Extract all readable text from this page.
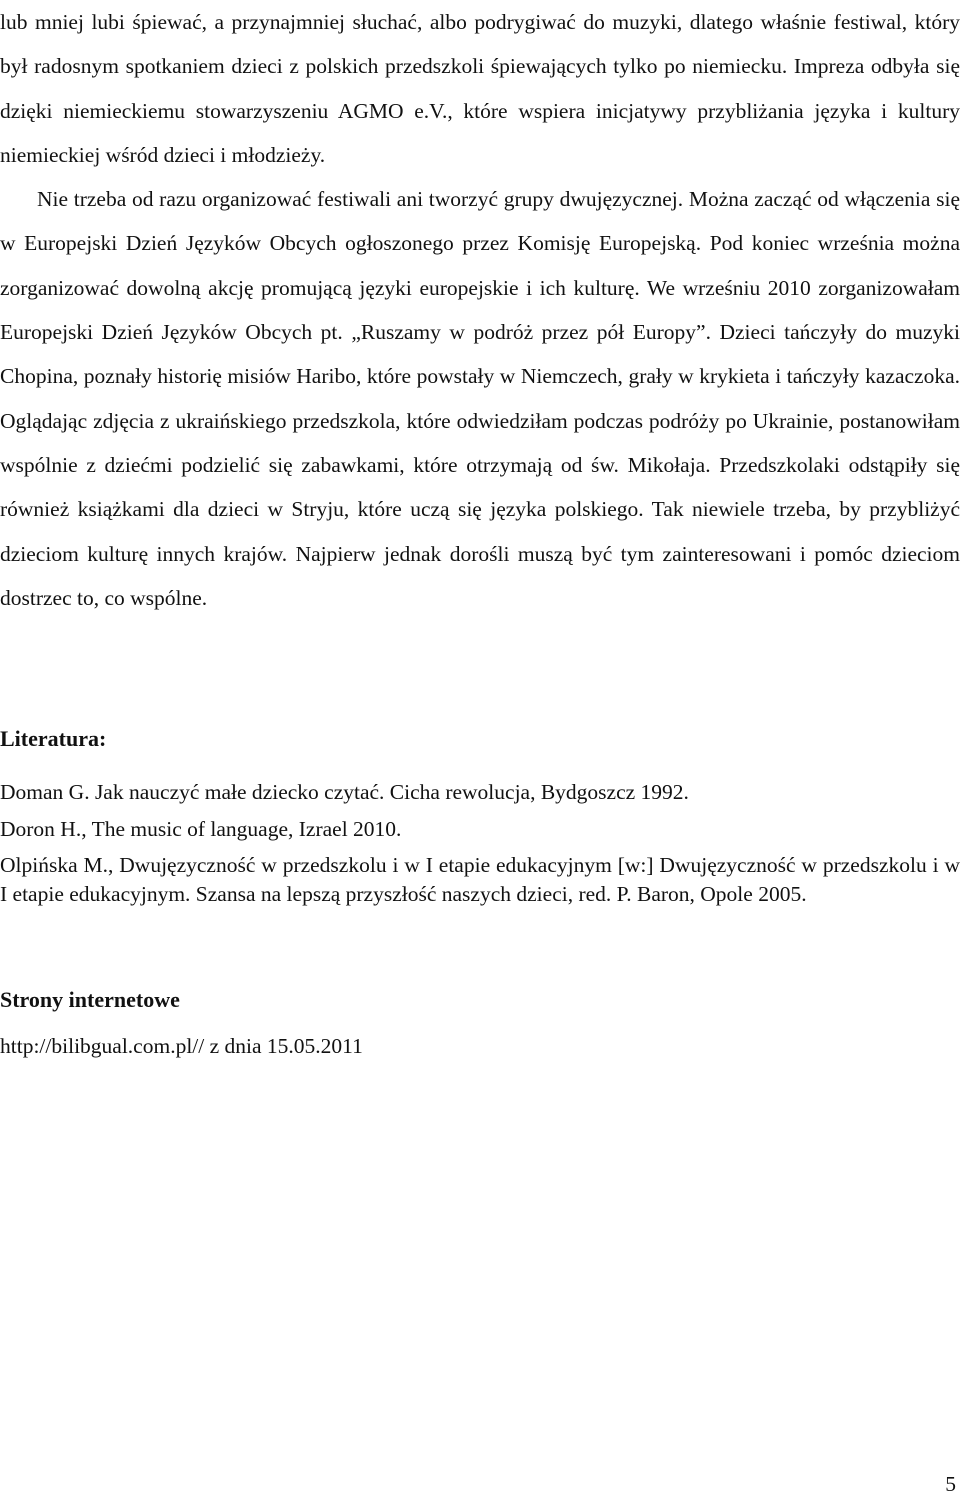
lub mniej lubi śpiewać, a przynajmniej słuchać, albo podrygiwać do muzyki, dlatego właśnie festiwal, który był radosnym spotkaniem dzieci z polskich przedszkoli śpiewających tylko po niemiecku. Impreza odbyła się dzięki niemieckiemu stowarzyszeniu AGMO e.V., które wspiera inicjatywy przybliżania języka i kultury niemieckiej wśród dzieci i młodzieży.
Nie trzeba od razu organizować festiwali ani tworzyć grupy dwujęzycznej. Można zacząć od włączenia się w Europejski Dzień Języków Obcych ogłoszonego przez Komisję Europejską. Pod koniec września można zorganizować dowolną akcję promującą języki europejskie i ich kulturę. We wrześniu 2010 zorganizowałam Europejski Dzień Języków Obcych pt. „Ruszamy w podróż przez pół Europy”. Dzieci tańczyły do muzyki Chopina, poznały historię misiów Haribo, które powstały w Niemczech, grały w krykieta i tańczyły kazaczoka. Oglądając zdjęcia z ukraińskiego przedszkola, które odwiedziłam podczas podróży po Ukrainie, postanowiłam wspólnie z dziećmi podzielić się zabawkami, które otrzymają od św. Mikołaja. Przedszkolaki odstąpiły się również książkami dla dzieci w Stryju, które uczą się języka polskiego. Tak niewiele trzeba, by przybliżyć dzieciom kulturę innych krajów. Najpierw jednak dorośli muszą być tym zainteresowani i pomóc dzieciom dostrzec to, co wspólne.

Literatura:
Doman G. Jak nauczyć małe dziecko czytać. Cicha rewolucja, Bydgoszcz 1992.
Doron H., The music of language, Izrael 2010.
Olpińska M., Dwujęzyczność w przedszkolu i w I etapie edukacyjnym [w:] Dwujęzyczność w przedszkolu i w I etapie edukacyjnym. Szansa na lepszą przyszłość naszych dzieci, red. P. Baron, Opole 2005.
Strony internetowe

http://bilibgual.com.pl// z dnia 15.05.2011

5
